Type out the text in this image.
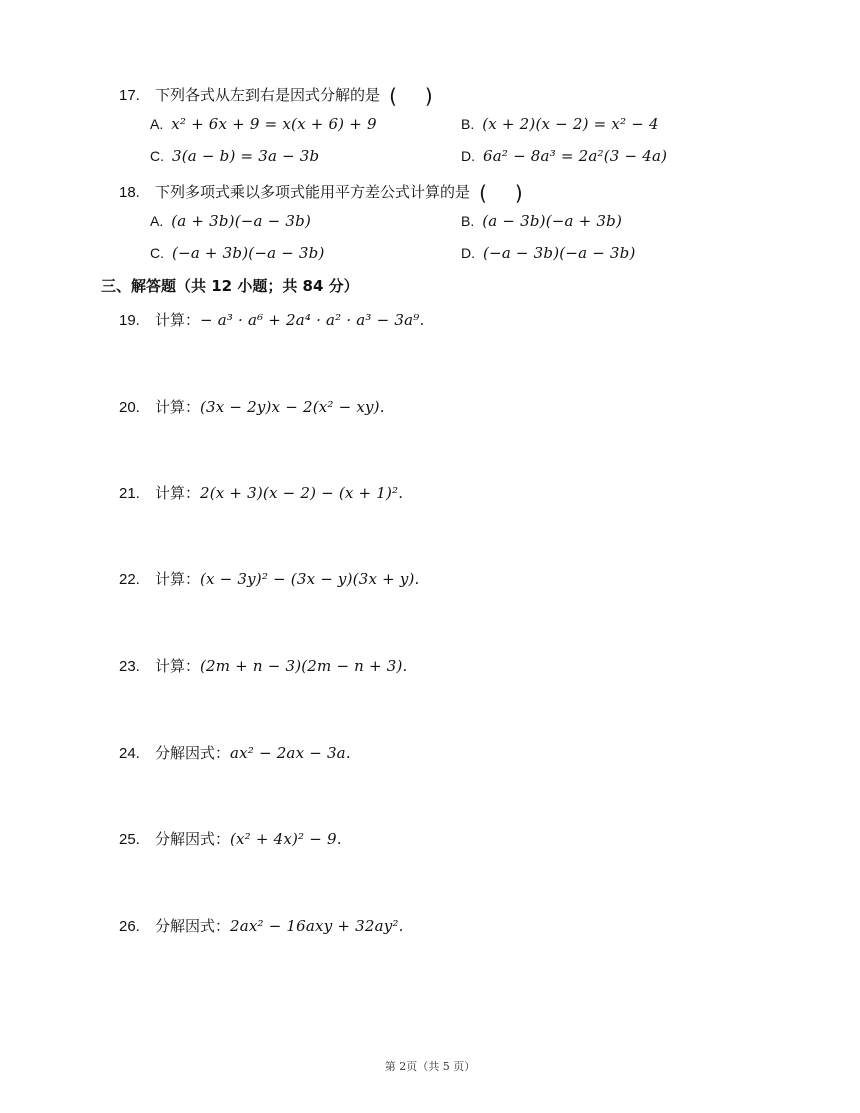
17. 下列各式从左到右是因式分解的是 ( )
A. x² + 6x + 9 = x(x + 6) + 9	B. (x + 2)(x − 2) = x² − 4
C. 3(a − b) = 3a − 3b	D. 6a² − 8a³ = 2a²(3 − 4a)
18. 下列多项式乘以多项式能用平方差公式计算的是 ( )
A. (a + 3b)(−a − 3b)	B. (a − 3b)(−a + 3b)
C. (−a + 3b)(−a − 3b)	D. (−a − 3b)(−a − 3b)
三、解答题（共 12 小题；共 84 分）
19. 计算：− a³ · a⁶ + 2a⁴ · a² · a³ − 3a⁹.
20. 计算：(3x − 2y)x − 2(x² − xy).
21. 计算：2(x + 3)(x − 2) − (x + 1)².
22. 计算：(x − 3y)² − (3x − y)(3x + y).
23. 计算：(2m + n − 3)(2m − n + 3).
24. 分解因式：ax² − 2ax − 3a.
25. 分解因式：(x² + 4x)² − 9.
26. 分解因式：2ax² − 16axy + 32ay².
第 2页（共 5 页）
